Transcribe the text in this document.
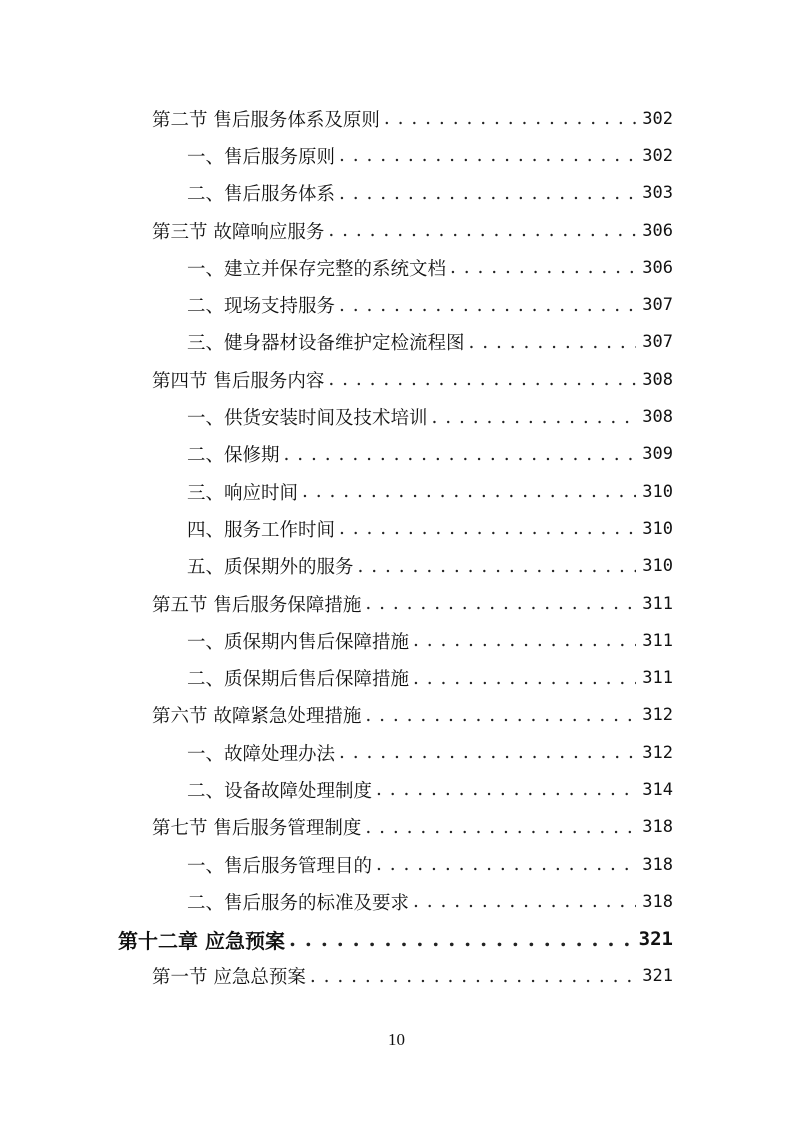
第二节 售后服务体系及原则 . . .	302
一、售后服务原则 . . .	302
二、售后服务体系 . . .	303
第三节 故障响应服务 . . .	306
一、建立并保存完整的系统文档 . . .	306
二、现场支持服务 . . .	307
三、健身器材设备维护定检流程图 . . .	307
第四节 售后服务内容 . . .	308
一、供货安装时间及技术培训 . . .	308
二、保修期 . . .	309
三、响应时间 . . .	310
四、服务工作时间 . . .	310
五、质保期外的服务 . . .	310
第五节 售后服务保障措施 . . .	311
一、质保期内售后保障措施 . . .	311
二、质保期后售后保障措施 . . .	311
第六节 故障紧急处理措施 . . .	312
一、故障处理办法 . . .	312
二、设备故障处理制度 . . .	314
第七节 售后服务管理制度 . . .	318
一、售后服务管理目的 . . .	318
二、售后服务的标准及要求 . . .	318
第十二章 应急预案 . . .	321
第一节 应急总预案 . . .	321
10
